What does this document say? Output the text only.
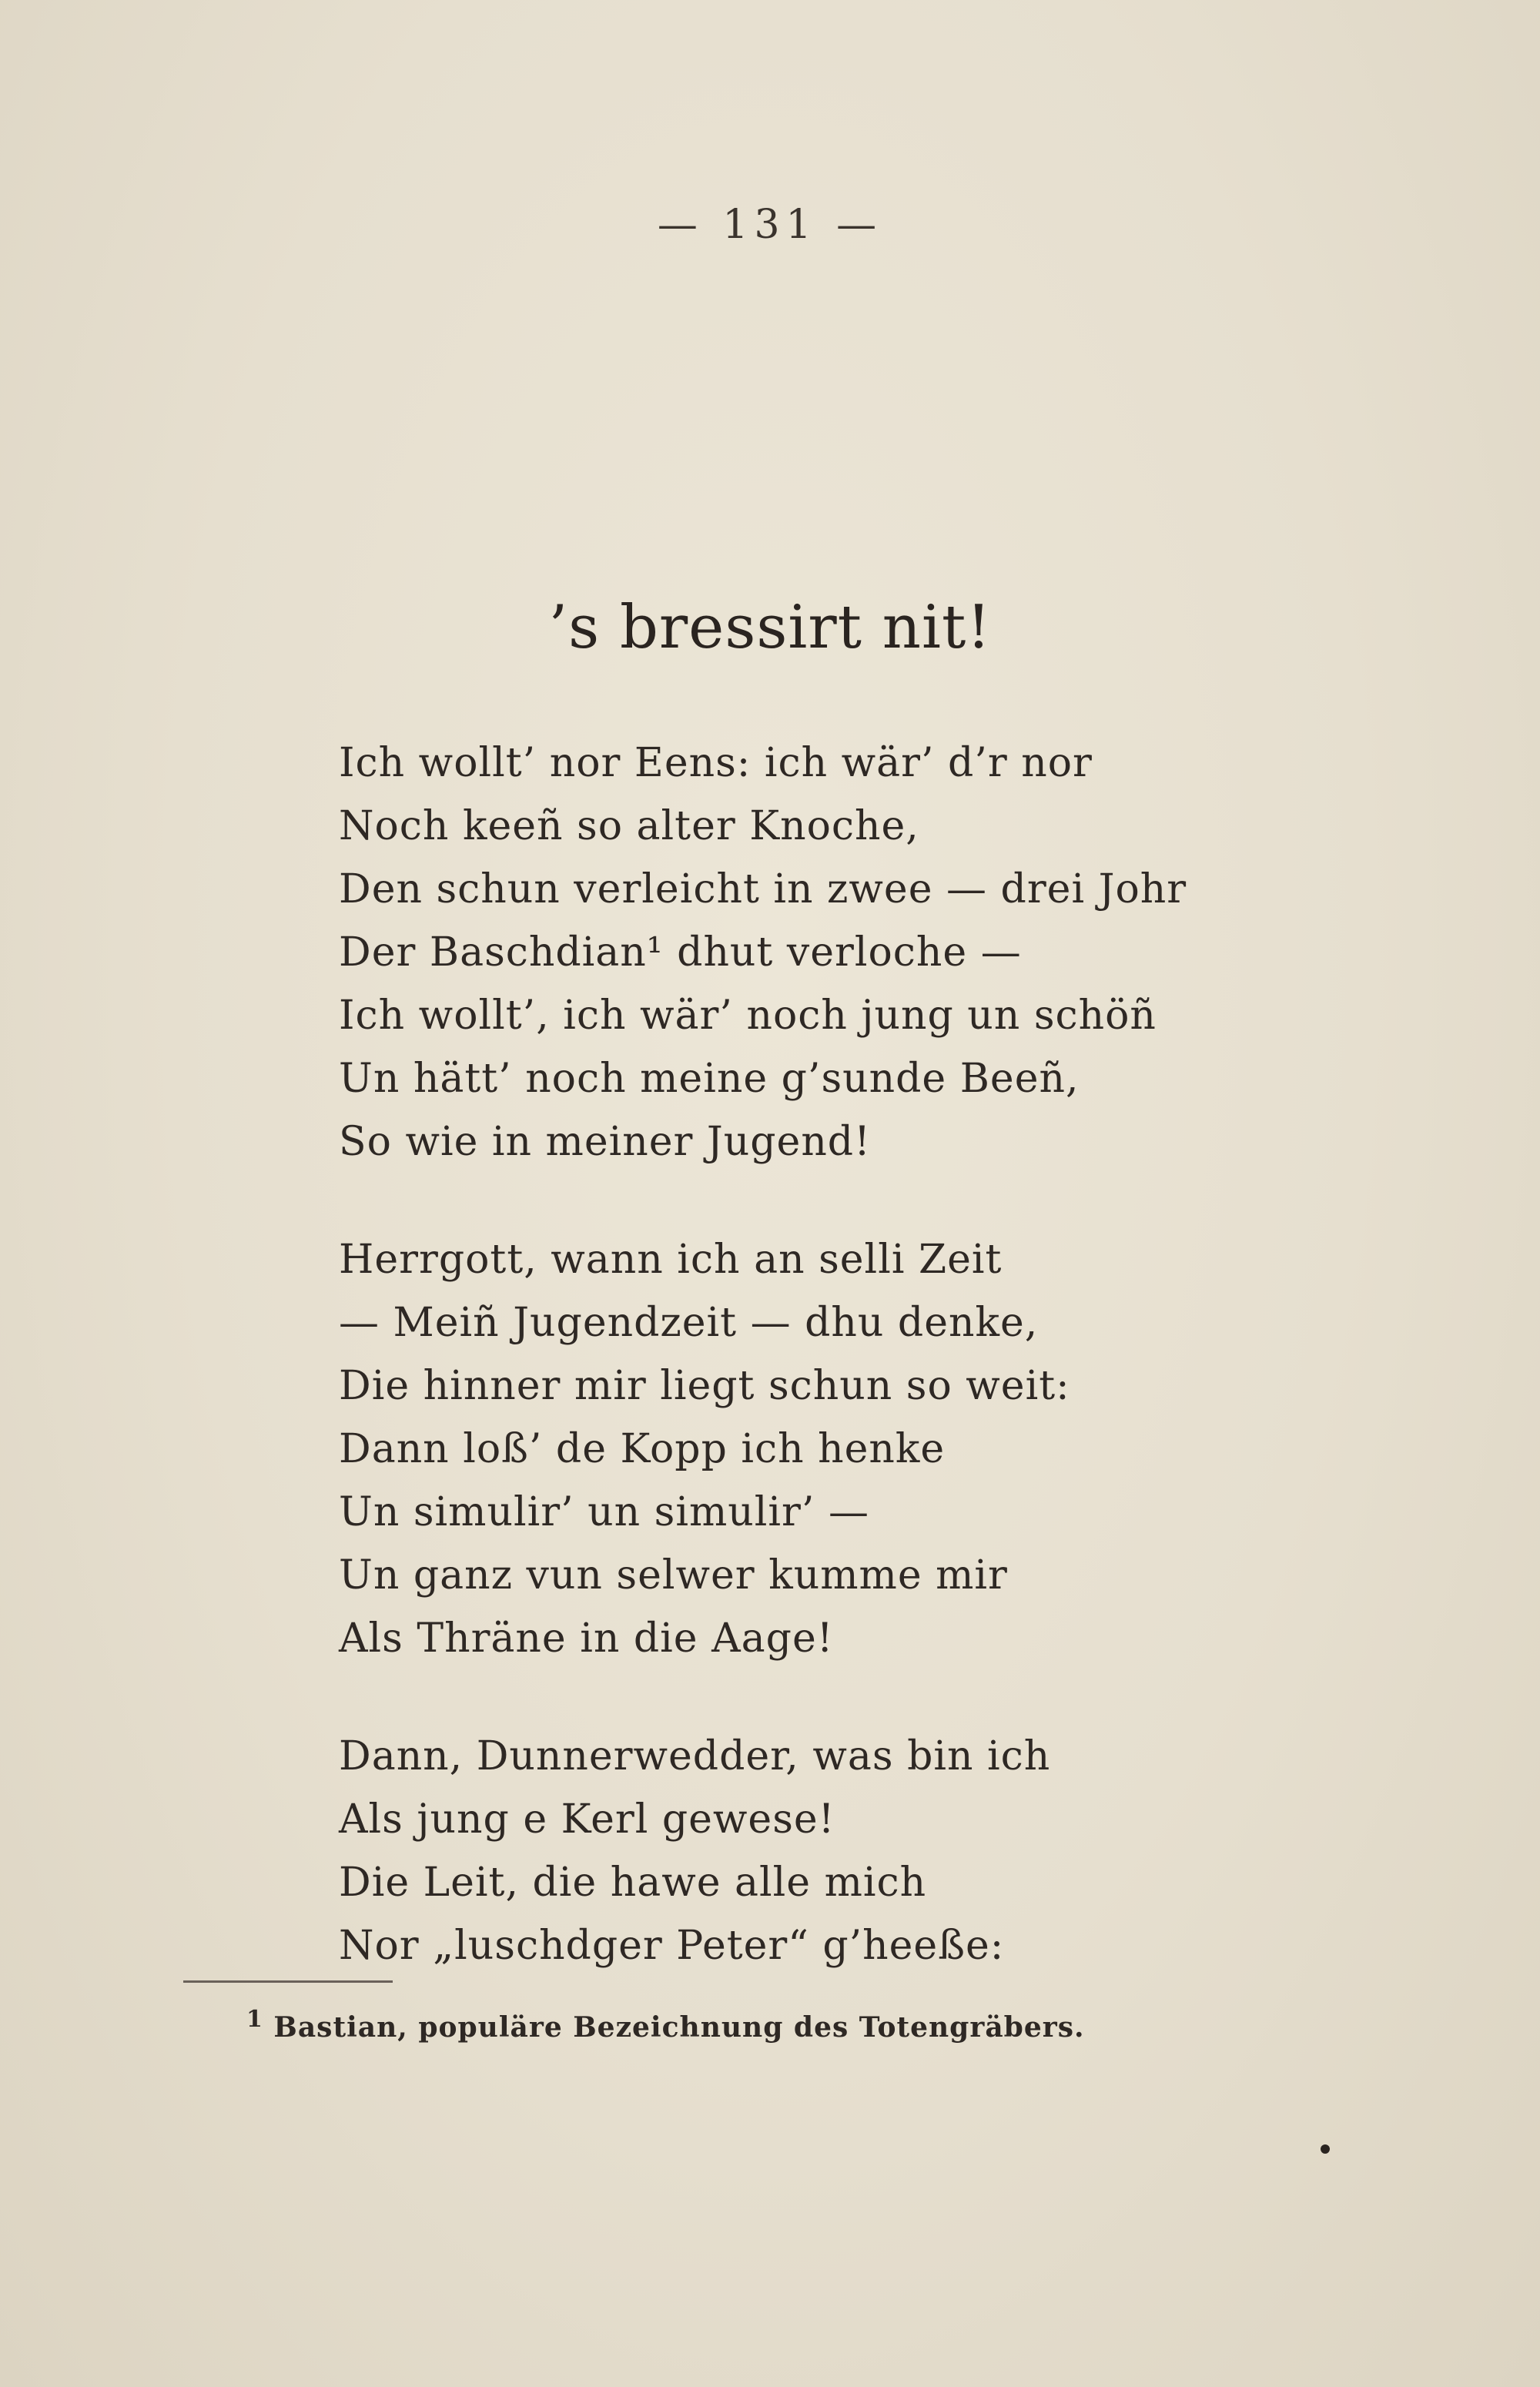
— 131 —
’s bressirt nit!
Ich wollt’ nor Eens: ich wär’ d’r nor
Noch keeñ so alter Knoche,
Den schun verleicht in zwee — drei Johr
Der Baschdian¹ dhut verloche —
Ich wollt’, ich wär’ noch jung un schöñ
Un hätt’ noch meine g’sunde Beeñ,
So wie in meiner Jugend!
Herrgott, wann ich an selli Zeit
— Meiñ Jugendzeit — dhu denke,
Die hinner mir liegt schun so weit:
Dann loß’ de Kopp ich henke
Un simulir’ un simulir’ —
Un ganz vun selwer kumme mir
Als Thräne in die Aage!
Dann, Dunnerwedder, was bin ich
Als jung e Kerl gewese!
Die Leit, die hawe alle mich
Nor „luschdger Peter“ g’heeße:
$^1$ Bastian, populäre Bezeichnung des Totengräbers.
